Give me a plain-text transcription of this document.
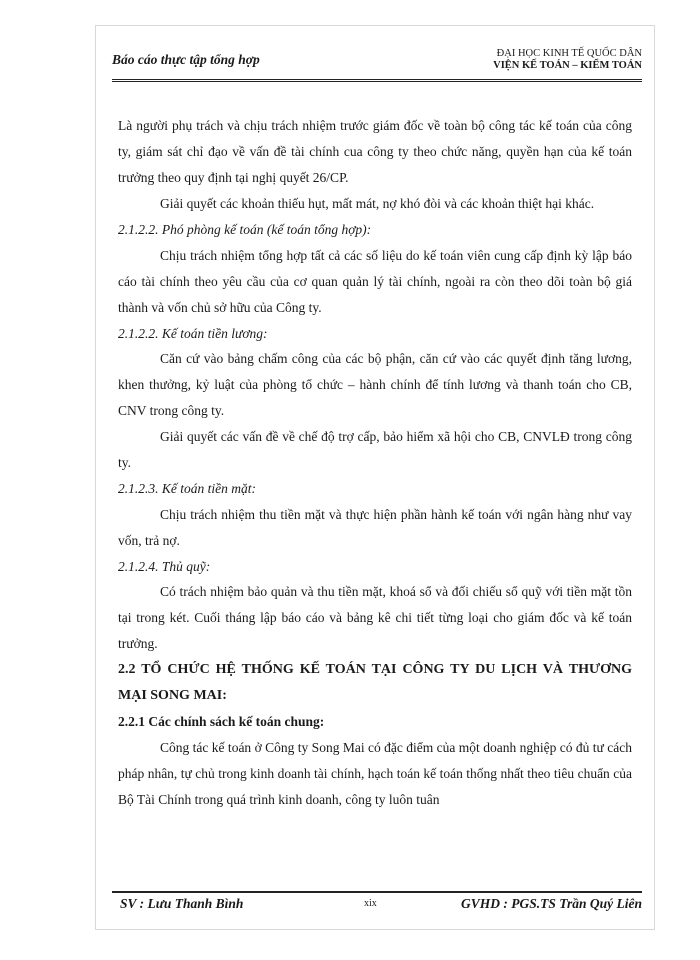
Báo cáo thực tập tổng hợp	ĐẠI HỌC KINH TẾ QUỐC DÂN
VIỆN KẾ TOÁN – KIỂM TOÁN

Là người phụ trách và chịu trách nhiệm trước giám đốc về toàn bộ công tác kế toán của công ty, giám sát chỉ đạo về vấn đề tài chính cua công ty theo chức năng, quyền hạn của kế toán trưởng theo quy định tại nghị quyết 26/CP.

Giải quyết các khoản thiếu hụt, mất mát, nợ khó đòi và các khoản thiệt hại khác.

2.1.2.2. Phó phòng kế toán (kế toán tổng hợp):

Chịu trách nhiệm tổng hợp tất cả các số liệu do kế toán viên cung cấp định kỳ lập báo cáo tài chính theo yêu cầu của cơ quan quản lý tài chính, ngoài ra còn theo dõi toàn bộ giá thành và vốn chủ sở hữu của Công ty.

2.1.2.2. Kế toán tiền lương:

Căn cứ vào bảng chấm công của các bộ phận, căn cứ vào các quyết định tăng lương, khen thưởng, kỷ luật của phòng tổ chức – hành chính để tính lương và thanh toán cho CB, CNV trong công ty.

Giải quyết các vấn đề về chế độ trợ cấp, bảo hiểm xã hội cho CB, CNVLĐ trong công ty.

2.1.2.3. Kế toán tiền mặt:

Chịu trách nhiệm thu tiền mặt và thực hiện phần hành kế toán với ngân hàng như vay vốn, trả nợ.

2.1.2.4. Thủ quỹ:

Có trách nhiệm bảo quản và thu tiền mặt, khoá sổ và đối chiếu sổ quỹ với tiền mặt tồn tại trong két. Cuối tháng lập báo cáo và bảng kê chi tiết từng loại cho giám đốc và kế toán trưởng.

2.2 TỔ CHỨC HỆ THỐNG KẾ TOÁN TẠI CÔNG TY DU LỊCH VÀ THƯƠNG MẠI SONG MAI:

2.2.1 Các chính sách kế toán chung:

Công tác kế toán ở Công ty Song Mai có đặc điểm của một doanh nghiệp có đủ tư cách pháp nhân, tự chủ trong kinh doanh tài chính, hạch toán kế toán thống nhất theo tiêu chuẩn của Bộ Tài Chính trong quá trình kinh doanh, công ty luôn tuân

SV : Lưu Thanh Bình	xix	GVHD : PGS.TS Trần Quý Liên
